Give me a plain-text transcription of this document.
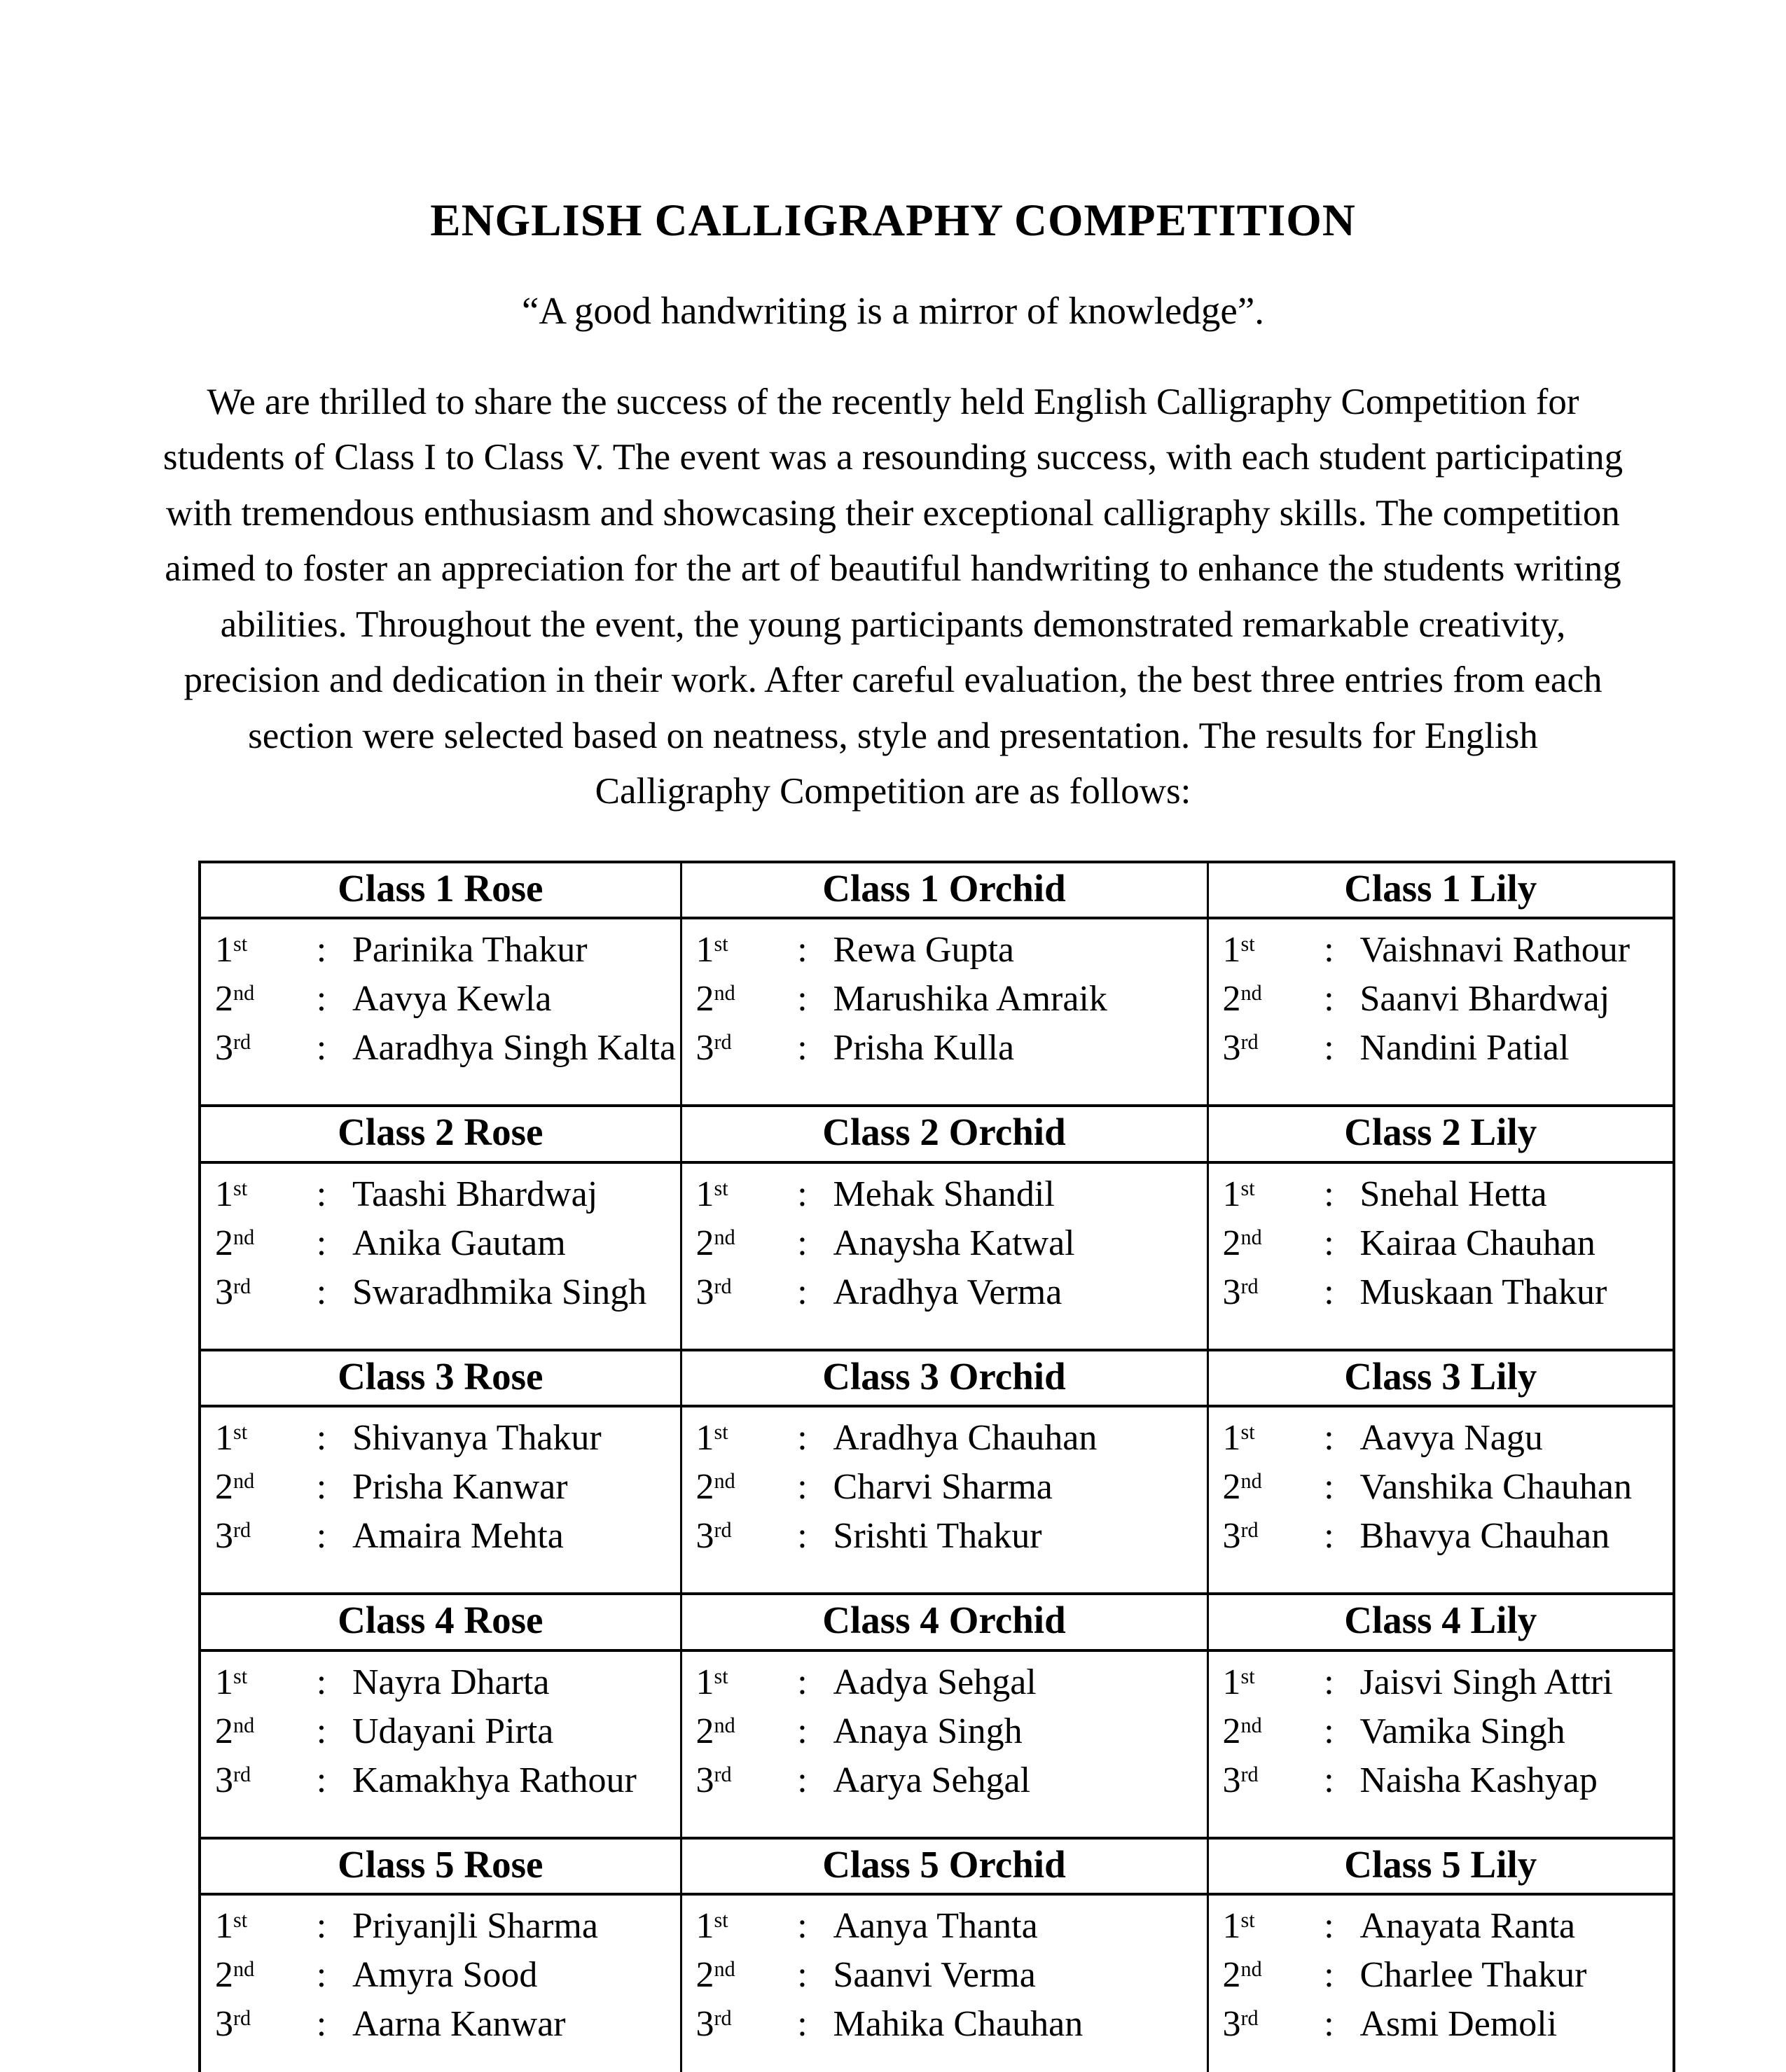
ENGLISH CALLIGRAPHY COMPETITION
“A good handwriting is a mirror of knowledge”.
We are thrilled to share the success of the recently held English Calligraphy Competition for students of Class I to Class V. The event was a resounding success, with each student participating with tremendous enthusiasm and showcasing their exceptional calligraphy skills. The competition aimed to foster an appreciation for the art of beautiful handwriting to enhance the students writing abilities. Throughout the event, the young participants demonstrated remarkable creativity, precision and dedication in their work. After careful evaluation, the best three entries from each section were selected based on neatness, style and presentation. The results for English Calligraphy Competition are as follows:
Class 1 Rose	Class 1 Orchid	Class 1 Lily

1st : Parinika Thakur
2nd : Aavya Kewla
3rd : Aaradhya Singh Kalta

1st : Rewa Gupta
2nd : Marushika Amraik
3rd : Prisha Kulla

1st : Vaishnavi Rathour
2nd : Saanvi Bhardwaj
3rd : Nandini Patial

Class 2 Rose	Class 2 Orchid	Class 2 Lily

1st : Taashi Bhardwaj
2nd : Anika Gautam
3rd : Swaradhmika Singh

1st : Mehak Shandil
2nd : Anaysha Katwal
3rd : Aradhya Verma

1st : Snehal Hetta
2nd : Kairaa Chauhan
3rd : Muskaan Thakur

Class 3 Rose	Class 3 Orchid	Class 3 Lily

1st : Shivanya Thakur
2nd : Prisha Kanwar
3rd : Amaira Mehta

1st : Aradhya Chauhan
2nd : Charvi Sharma
3rd : Srishti Thakur

1st : Aavya Nagu
2nd : Vanshika Chauhan
3rd : Bhavya Chauhan

Class 4 Rose	Class 4 Orchid	Class 4 Lily

1st : Nayra Dharta
2nd : Udayani Pirta
3rd : Kamakhya Rathour

1st : Aadya Sehgal
2nd : Anaya Singh
3rd : Aarya Sehgal

1st : Jaisvi Singh Attri
2nd : Vamika Singh
3rd : Naisha Kashyap

Class 5 Rose	Class 5 Orchid	Class 5 Lily

1st : Priyanjli Sharma
2nd : Amyra Sood
3rd : Aarna Kanwar

1st : Aanya Thanta
2nd : Saanvi Verma
3rd : Mahika Chauhan

1st : Anayata Ranta
2nd : Charlee Thakur
3rd : Asmi Demoli
